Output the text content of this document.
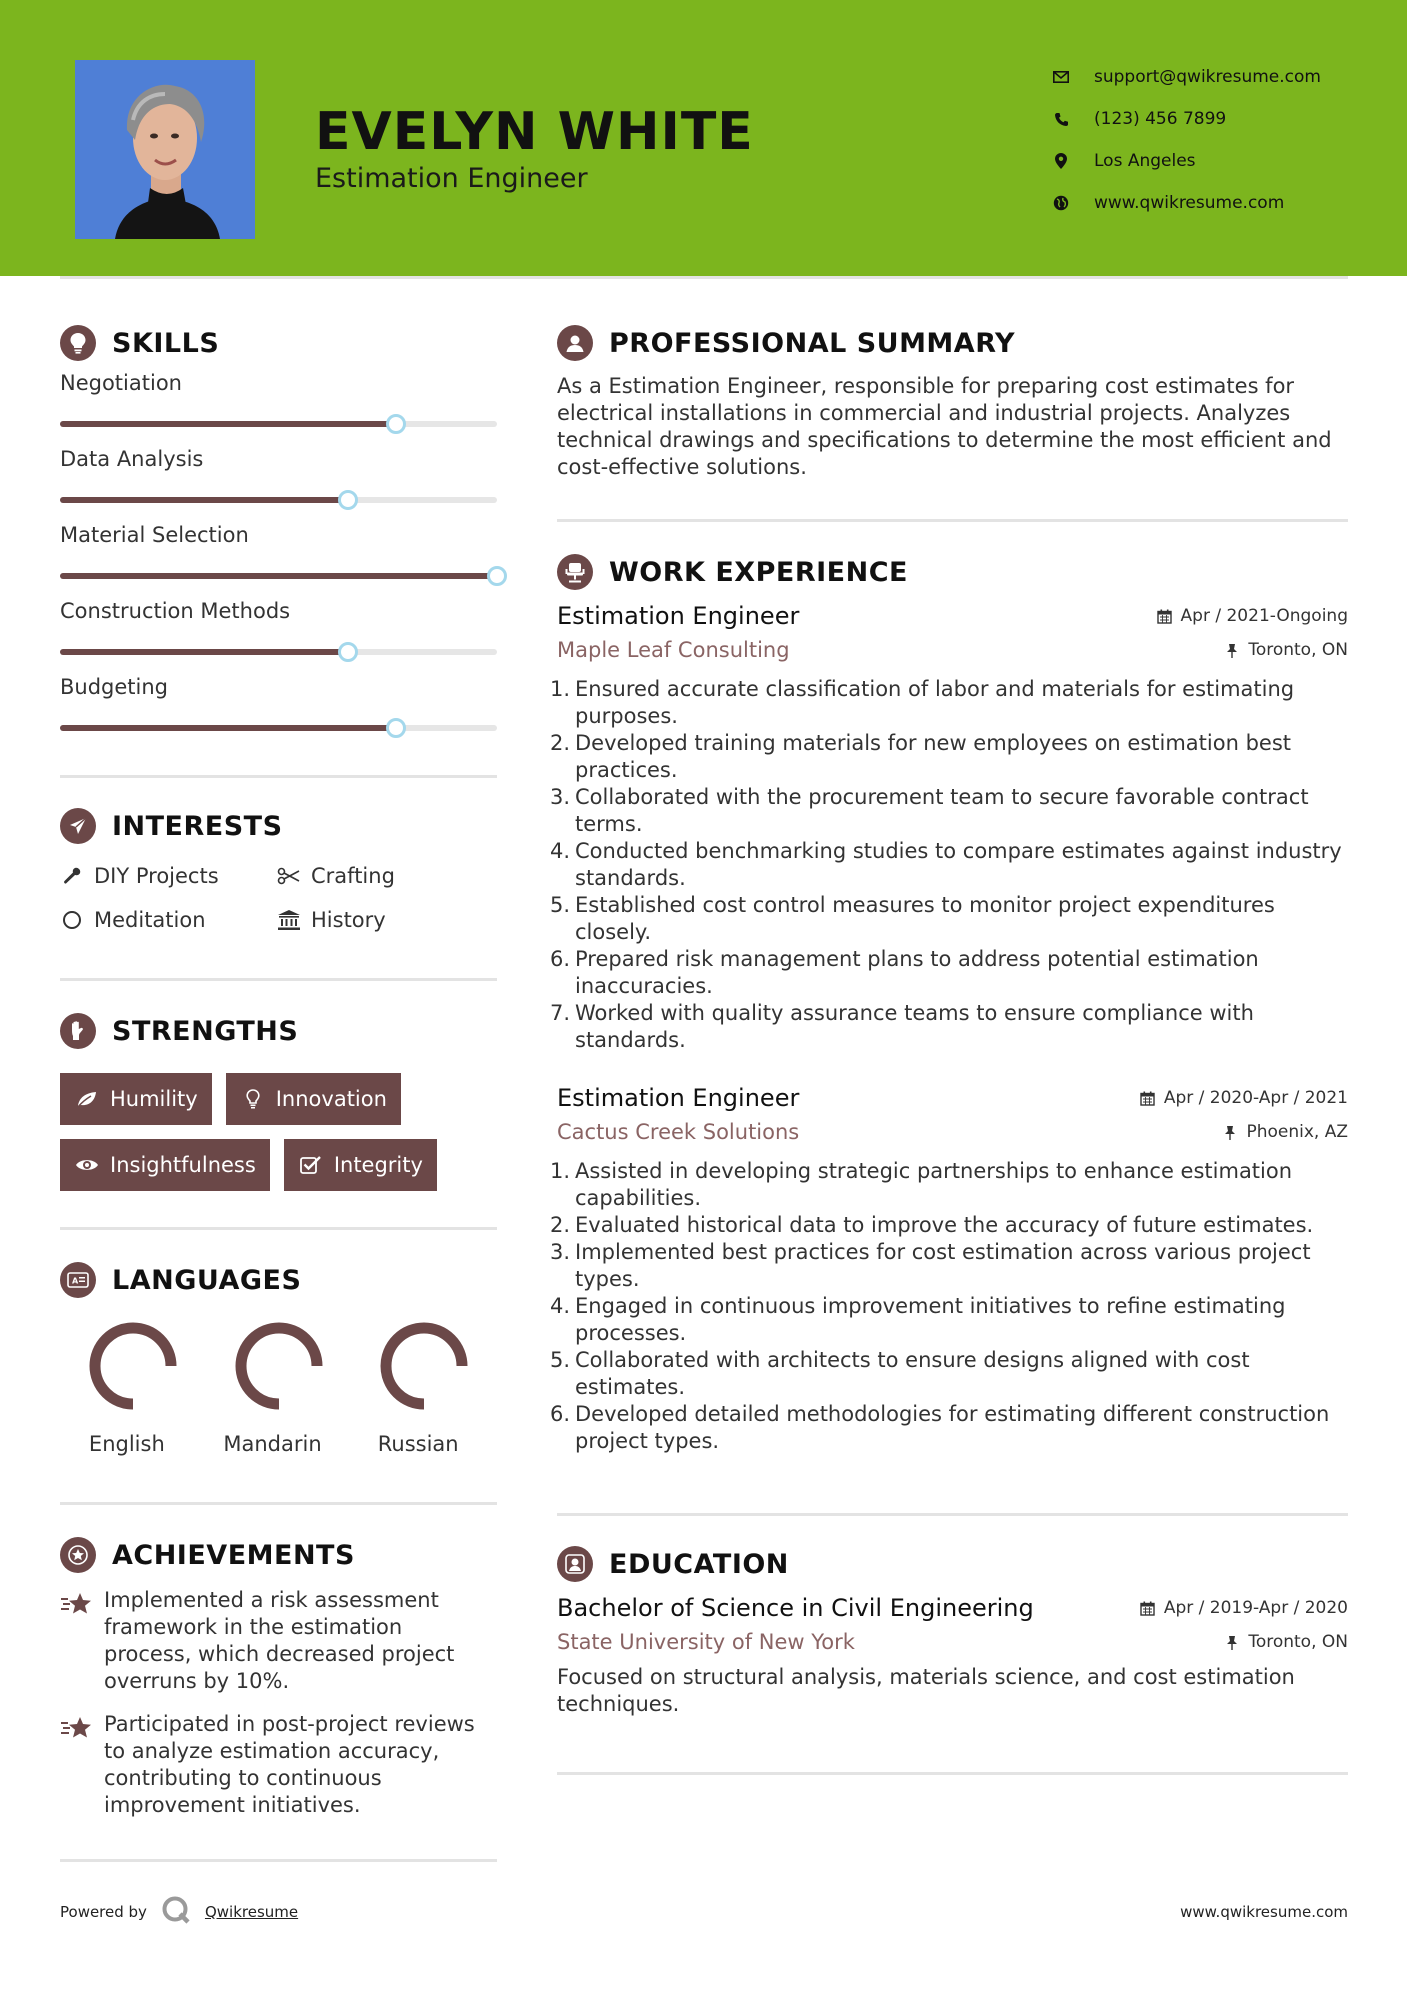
EVELYN WHITE
Estimation Engineer
support@qwikresume.com
(123) 456 7899
Los Angeles
www.qwikresume.com
SKILLS
Negotiation
Data Analysis
Material Selection
Construction Methods
Budgeting
INTERESTS
DIY Projects	Crafting
Meditation	History
STRENGTHS
Humility	Innovation
Insightfulness	Integrity
A LANGUAGES
English	Mandarin	Russian
ACHIEVEMENTS
Implemented a risk assessment framework in the estimation process, which decreased project overruns by 10%.
Participated in post-project reviews to analyze estimation accuracy, contributing to continuous improvement initiatives.
PROFESSIONAL SUMMARY
As a Estimation Engineer, responsible for preparing cost estimates for electrical installations in commercial and industrial projects. Analyzes technical drawings and specifications to determine the most efficient and cost-effective solutions.
WORK EXPERIENCE
Estimation Engineer	Apr / 2021-Ongoing
Maple Leaf Consulting	Toronto, ON
1. Ensured accurate classification of labor and materials for estimating purposes.
2. Developed training materials for new employees on estimation best practices.
3. Collaborated with the procurement team to secure favorable contract terms.
4. Conducted benchmarking studies to compare estimates against industry standards.
5. Established cost control measures to monitor project expenditures closely.
6. Prepared risk management plans to address potential estimation inaccuracies.
7. Worked with quality assurance teams to ensure compliance with standards.
Estimation Engineer	Apr / 2020-Apr / 2021
Cactus Creek Solutions	Phoenix, AZ
1. Assisted in developing strategic partnerships to enhance estimation capabilities.
2. Evaluated historical data to improve the accuracy of future estimates.
3. Implemented best practices for cost estimation across various project types.
4. Engaged in continuous improvement initiatives to refine estimating processes.
5. Collaborated with architects to ensure designs aligned with cost estimates.
6. Developed detailed methodologies for estimating different construction project types.
EDUCATION
Bachelor of Science in Civil Engineering	Apr / 2019-Apr / 2020
State University of New York	Toronto, ON
Focused on structural analysis, materials science, and cost estimation techniques.
Powered by	Qwikresume	www.qwikresume.com
